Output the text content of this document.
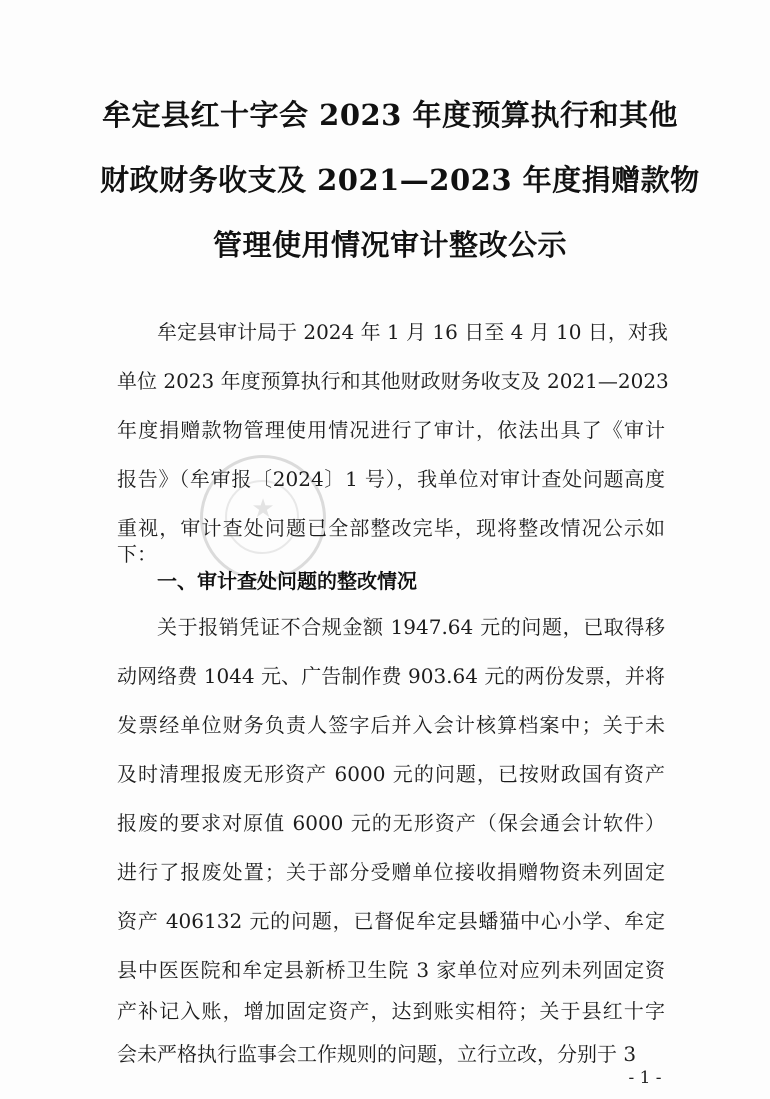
★
牟定县红十字会 2023 年度预算执行和其他
财政财务收支及 2021—2023 年度捐赠款物
管理使用情况审计整改公示
牟定县审计局于 2024 年 1 月 16 日至 4 月 10 日，对我
单位 2023 年度预算执行和其他财政财务收支及 2021—2023
年度捐赠款物管理使用情况进行了审计，依法出具了《审计
报告》（牟审报〔2024〕1 号），我单位对审计查处问题高度
重视，审计查处问题已全部整改完毕，现将整改情况公示如
下：
一、审计查处问题的整改情况
关于报销凭证不合规金额 1947.64 元的问题，已取得移
动网络费 1044 元、广告制作费 903.64 元的两份发票，并将
发票经单位财务负责人签字后并入会计核算档案中；关于未
及时清理报废无形资产 6000 元的问题，已按财政国有资产
报废的要求对原值 6000 元的无形资产（保会通会计软件）
进行了报废处置；关于部分受赠单位接收捐赠物资未列固定
资产 406132 元的问题，已督促牟定县蟠猫中心小学、牟定
县中医医院和牟定县新桥卫生院 3 家单位对应列未列固定资
产补记入账，增加固定资产，达到账实相符；关于县红十字
会未严格执行监事会工作规则的问题，立行立改，分别于 3
- 1 -
